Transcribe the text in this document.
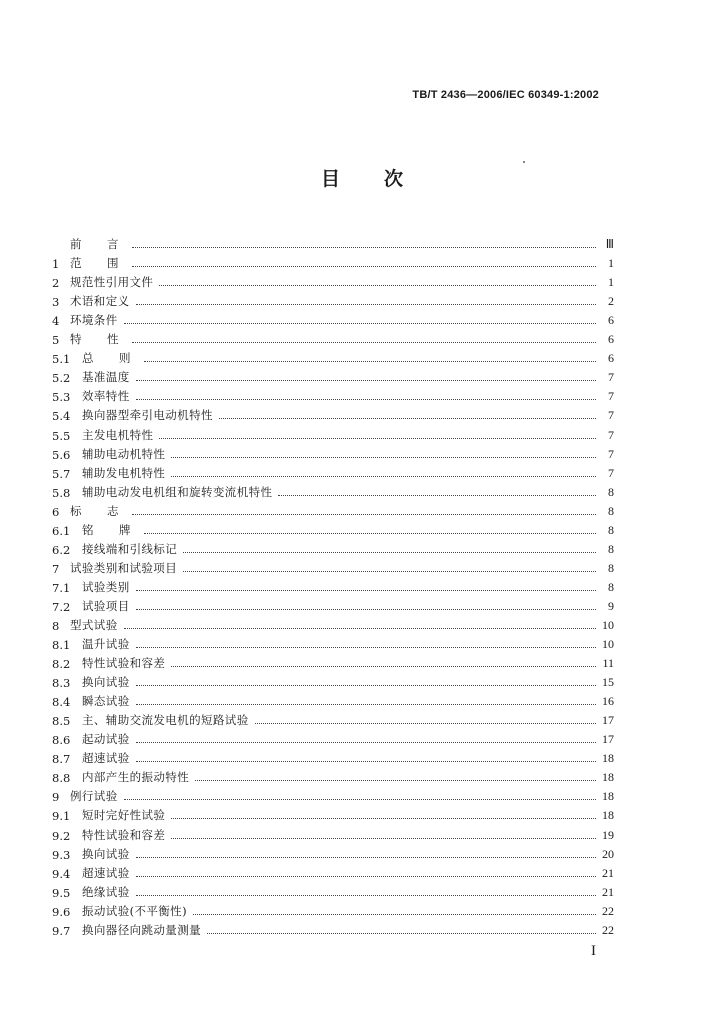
TB/T 2436—2006/IEC 60349-1:2002
目次
前　言	Ⅲ
1 范　围	1
2 规范性引用文件	1
3 术语和定义	2
4 环境条件	6
5 特　性	6
5.1	总　则	6
5.2	基准温度	7
5.3	效率特性	7
5.4	换向器型牵引电动机特性	7
5.5	主发电机特性	7
5.6	辅助电动机特性	7
5.7	辅助发电机特性	7
5.8	辅助电动发电机组和旋转变流机特性	8
6 标　志	8
6.1	铭　牌	8
6.2	接线端和引线标记	8
7 试验类别和试验项目	8
7.1	试验类别	8
7.2	试验项目	9
8 型式试验	10
8.1	温升试验	10
8.2	特性试验和容差	11
8.3	换向试验	15
8.4	瞬态试验	16
8.5	主、辅助交流发电机的短路试验	17
8.6	起动试验	17
8.7	超速试验	18
8.8	内部产生的振动特性	18
9 例行试验	18
9.1	短时完好性试验	18
9.2	特性试验和容差	19
9.3	换向试验	20
9.4	超速试验	21
9.5	绝缘试验	21
9.6	振动试验(不平衡性)	22
9.7	换向器径向跳动量测量	22
I
